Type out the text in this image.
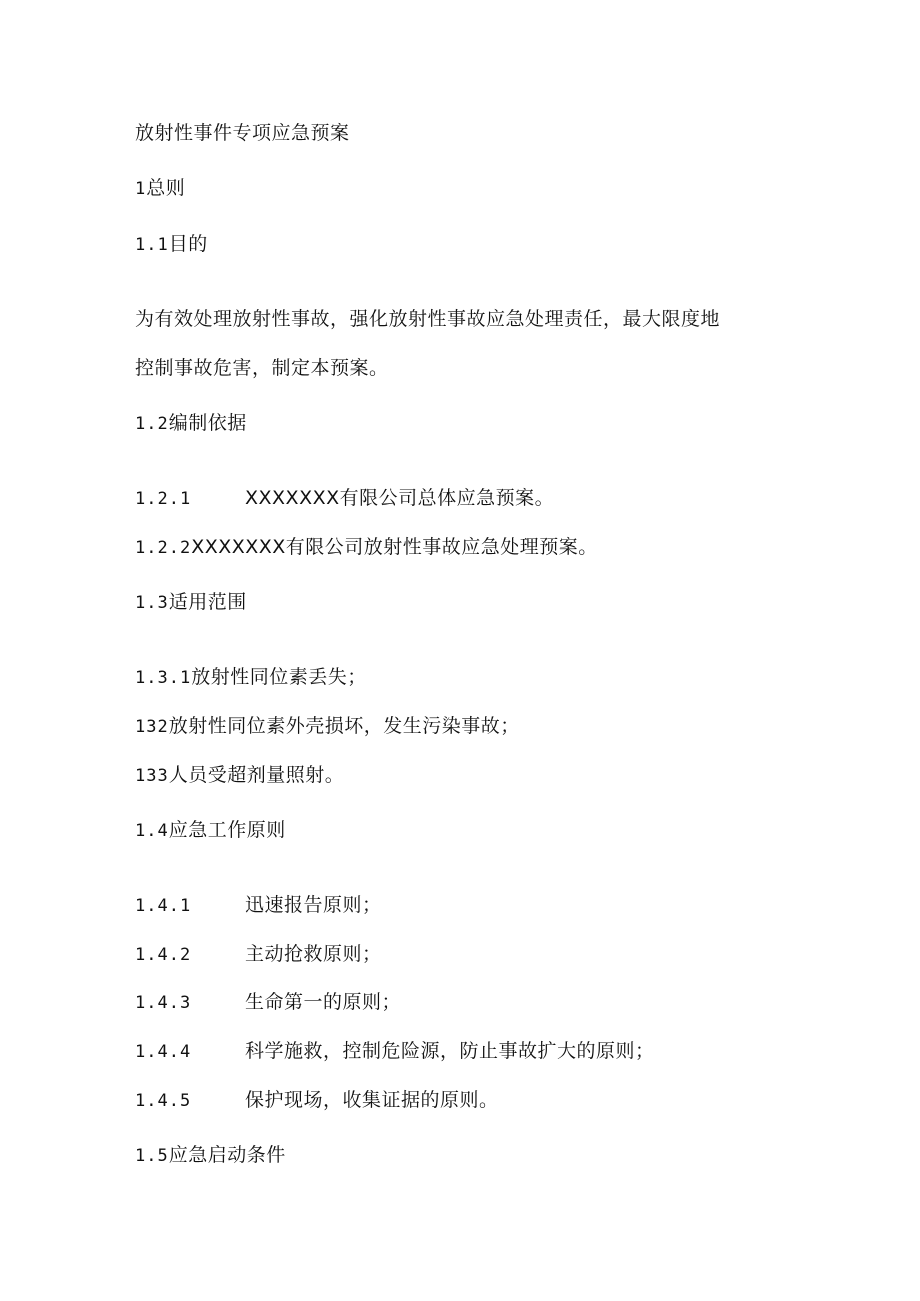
放射性事件专项应急预案
1总则
1.1目的
为有效处理放射性事故，强化放射性事故应急处理责任，最大限度地
控制事故危害，制定本预案。
1.2编制依据
1.2.1	XXXXXXX有限公司总体应急预案。
1.2.2XXXXXXX有限公司放射性事故应急处理预案。
1.3适用范围
1.3.1放射性同位素丢失；
132放射性同位素外壳损坏，发生污染事故；
133人员受超剂量照射。
1.4应急工作原则
1.4.1	迅速报告原则；
1.4.2	主动抢救原则；
1.4.3	生命第一的原则；
1.4.4	科学施救，控制危险源，防止事故扩大的原则；
1.4.5	保护现场，收集证据的原则。
1.5应急启动条件
